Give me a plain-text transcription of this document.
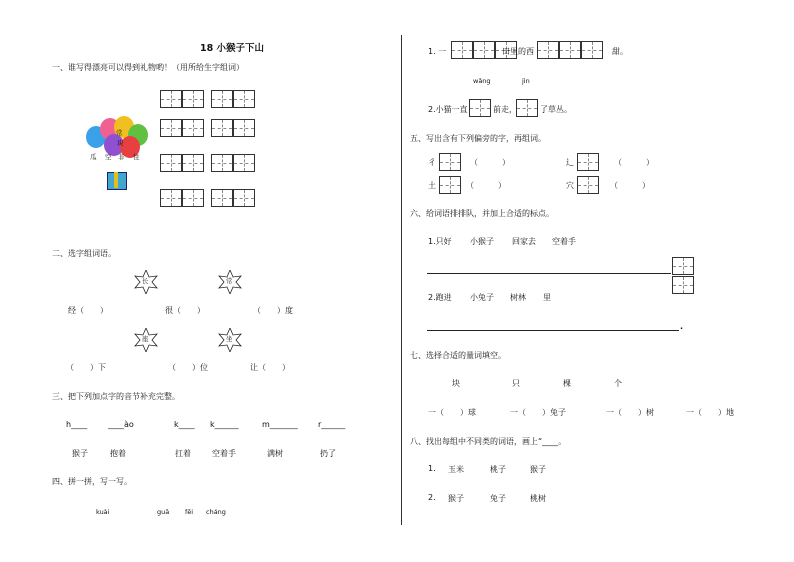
18 小猴子下山
一、谁写得漂亮可以得到礼物哟！（用所给生字组词）
常
块
瓜 空 非 往
二、选字组词语。
长	常
经（　　）	很（　　）	（　　）度
座	坐
（　　）下	（　　）位	让（　　）
三、把下列加点字的音节补充完整。
h____	____ào	k____ k______	m_______	r______
猴子	抱着	扛着	空着手	满树	扔了
四、拼一拼，写一写。
kuài	guā fēi cháng
1. 一	田里的西	甜。
wǎng	jìn
2.小猫一直	前走，	了草丛。
五、写出含有下列偏旁的字，再组词。
彳	（　　　）	辶	（　　　）
土	（　　　）	穴	（　　　）
六、给词语排排队，并加上合适的标点。
1.只好 小猴子 回家去 空着手
2.跑进 小兔子 树林 里
.
七、选择合适的量词填空。
块	只	棵	个
一（　　）球	一（　　）兔子	一（　　）树	一（　　）地
八、找出每组中不同类的词语，画上“____。
1. 玉米	桃子	猴子
2. 猴子	兔子	桃树
